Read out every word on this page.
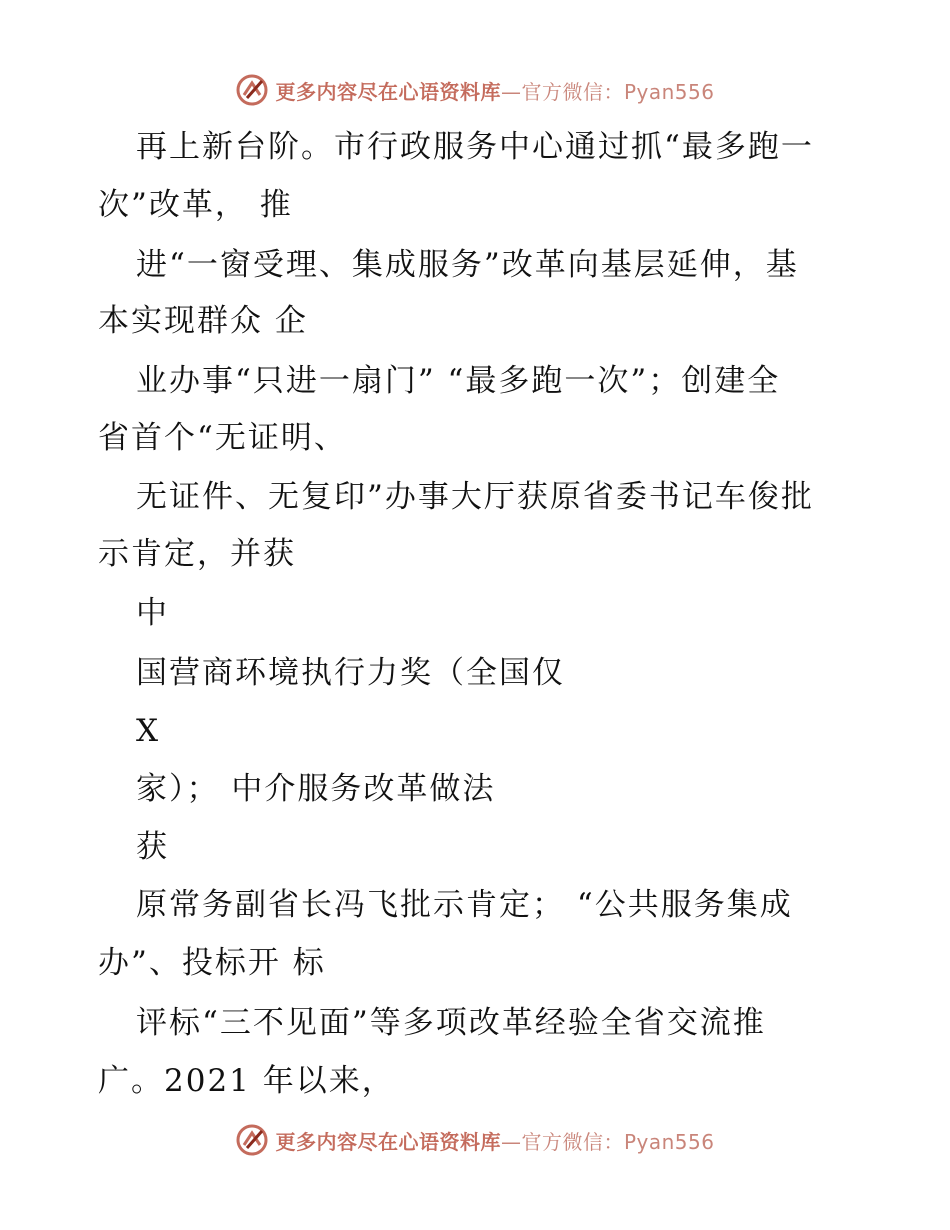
更多内容尽在心语资料库—官方微信：Pyan556
再上新台阶。市行政服务中心通过抓“最多跑一
次”改革， 推
进“一窗受理、集成服务”改革向基层延伸，基
本实现群众 企
业办事“只进一扇门” “最多跑一次”；创建全
省首个“无证明、
无证件、无复印”办事大厅获原省委书记车俊批
示肯定，并获
中
国营商环境执行力奖（全国仅
X
家）； 中介服务改革做法
获
原常务副省长冯飞批示肯定； “公共服务集成
办”、投标开 标
评标“三不见面”等多项改革经验全省交流推
广。2021 年以来，
更多内容尽在心语资料库—官方微信：Pyan556
